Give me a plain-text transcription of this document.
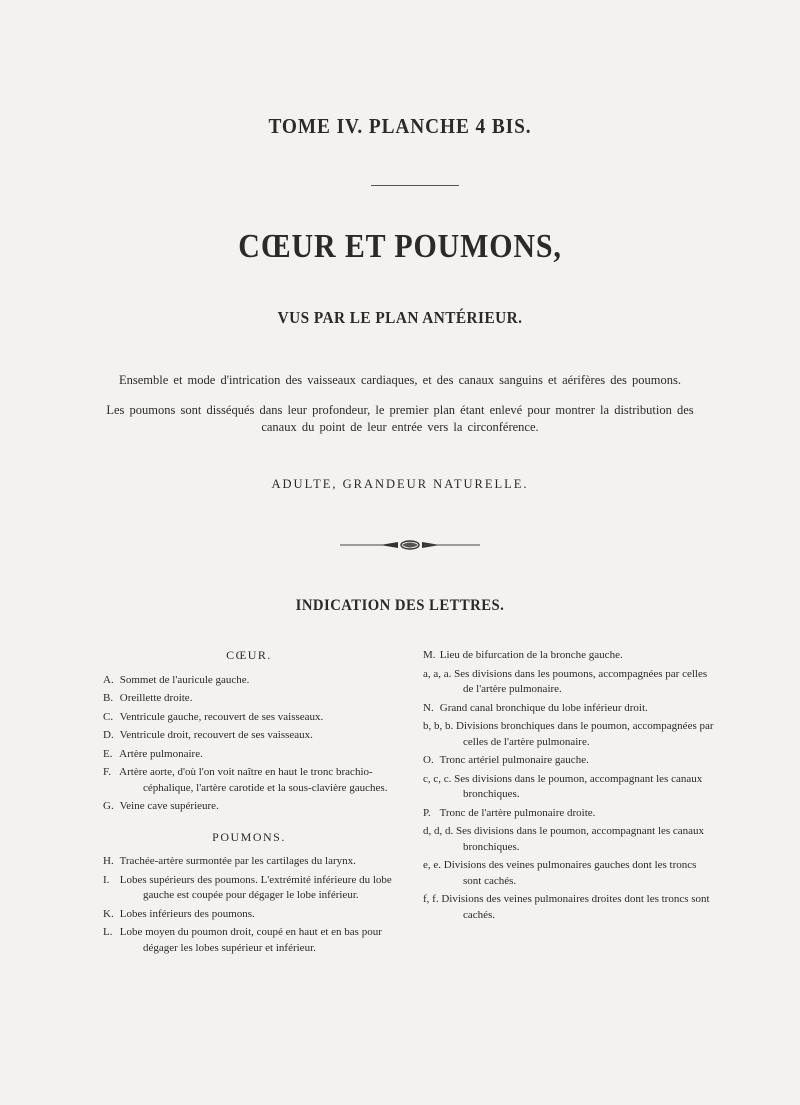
TOME IV. PLANCHE 4 BIS.
CŒUR ET POUMONS,
VUS PAR LE PLAN ANTÉRIEUR.
Ensemble et mode d'intrication des vaisseaux cardiaques, et des canaux sanguins et aérifères des poumons.
Les poumons sont disséqués dans leur profondeur, le premier plan étant enlevé pour montrer la distribution des canaux du point de leur entrée vers la circonférence.
ADULTE, GRANDEUR NATURELLE.
INDICATION DES LETTRES.
CŒUR.
A. Sommet de l'auricule gauche.
B. Oreillette droite.
C. Ventricule gauche, recouvert de ses vaisseaux.
D. Ventricule droit, recouvert de ses vaisseaux.
E. Artère pulmonaire.
F. Artère aorte, d'où l'on voit naître en haut le tronc brachio-céphalique, l'artère carotide et la sous-clavière gauches.
G. Veine cave supérieure.
POUMONS.
H. Trachée-artère surmontée par les cartilages du larynx.
I. Lobes supérieurs des poumons. L'extrémité inférieure du lobe gauche est coupée pour dégager le lobe inférieur.
K. Lobes inférieurs des poumons.
L. Lobe moyen du poumon droit, coupé en haut et en bas pour dégager les lobes supérieur et inférieur.
M. Lieu de bifurcation de la bronche gauche.
a, a, a. Ses divisions dans les poumons, accompagnées par celles de l'artère pulmonaire.
N. Grand canal bronchique du lobe inférieur droit.
b, b, b. Divisions bronchiques dans le poumon, accompagnées par celles de l'artère pulmonaire.
O. Tronc artériel pulmonaire gauche.
c, c, c. Ses divisions dans le poumon, accompagnant les canaux bronchiques.
P. Tronc de l'artère pulmonaire droite.
d, d, d. Ses divisions dans le poumon, accompagnant les canaux bronchiques.
e, e. Divisions des veines pulmonaires gauches dont les troncs sont cachés.
f, f. Divisions des veines pulmonaires droites dont les troncs sont cachés.
